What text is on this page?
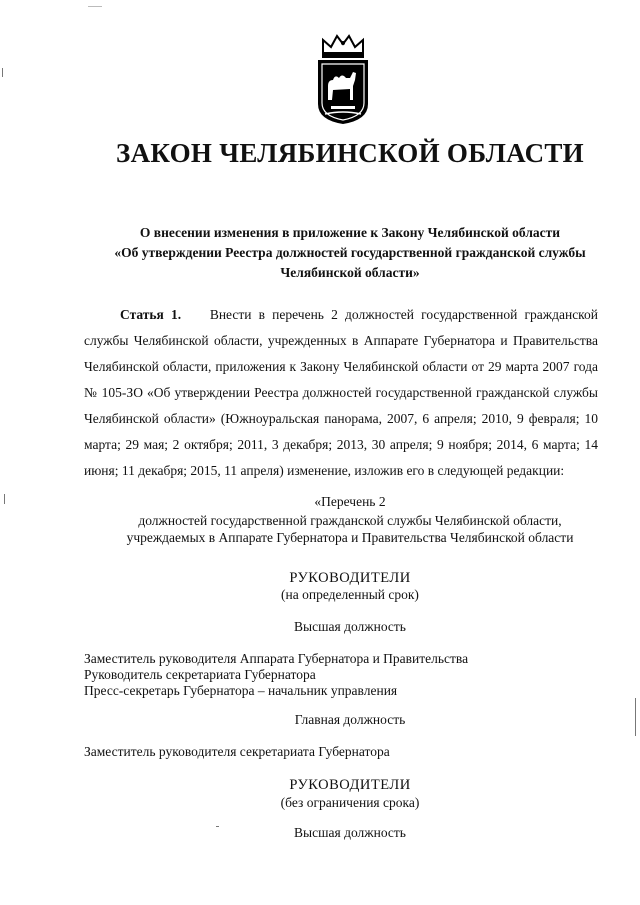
ЗАКОН ЧЕЛЯБИНСКОЙ ОБЛАСТИ
О внесении изменения в приложение к Закону Челябинской области
«Об утверждении Реестра должностей государственной гражданской службы
Челябинской области»
Статья 1. Внести в перечень 2 должностей государственной гражданской службы Челябинской области, учрежденных в Аппарате Губернатора и Правительства Челябинской области, приложения к Закону Челябинской области от 29 марта 2007 года № 105-ЗО «Об утверждении Реестра должностей государственной гражданской службы Челябинской области» (Южноуральская панорама, 2007, 6 апреля; 2010, 9 февраля; 10 марта; 29 мая; 2 октября; 2011, 3 декабря; 2013, 30 апреля; 9 ноября; 2014, 6 марта; 14 июня; 11 декабря; 2015, 11 апреля) изменение, изложив его в следующей редакции:
«Перечень 2
должностей государственной гражданской службы Челябинской области,
учреждаемых в Аппарате Губернатора и Правительства Челябинской области
РУКОВОДИТЕЛИ
(на определенный срок)
Высшая должность
Заместитель руководителя Аппарата Губернатора и Правительства
Руководитель секретариата Губернатора
Пресс-секретарь Губернатора – начальник управления
Главная должность
Заместитель руководителя секретариата Губернатора
РУКОВОДИТЕЛИ
(без ограничения срока)
Высшая должность
